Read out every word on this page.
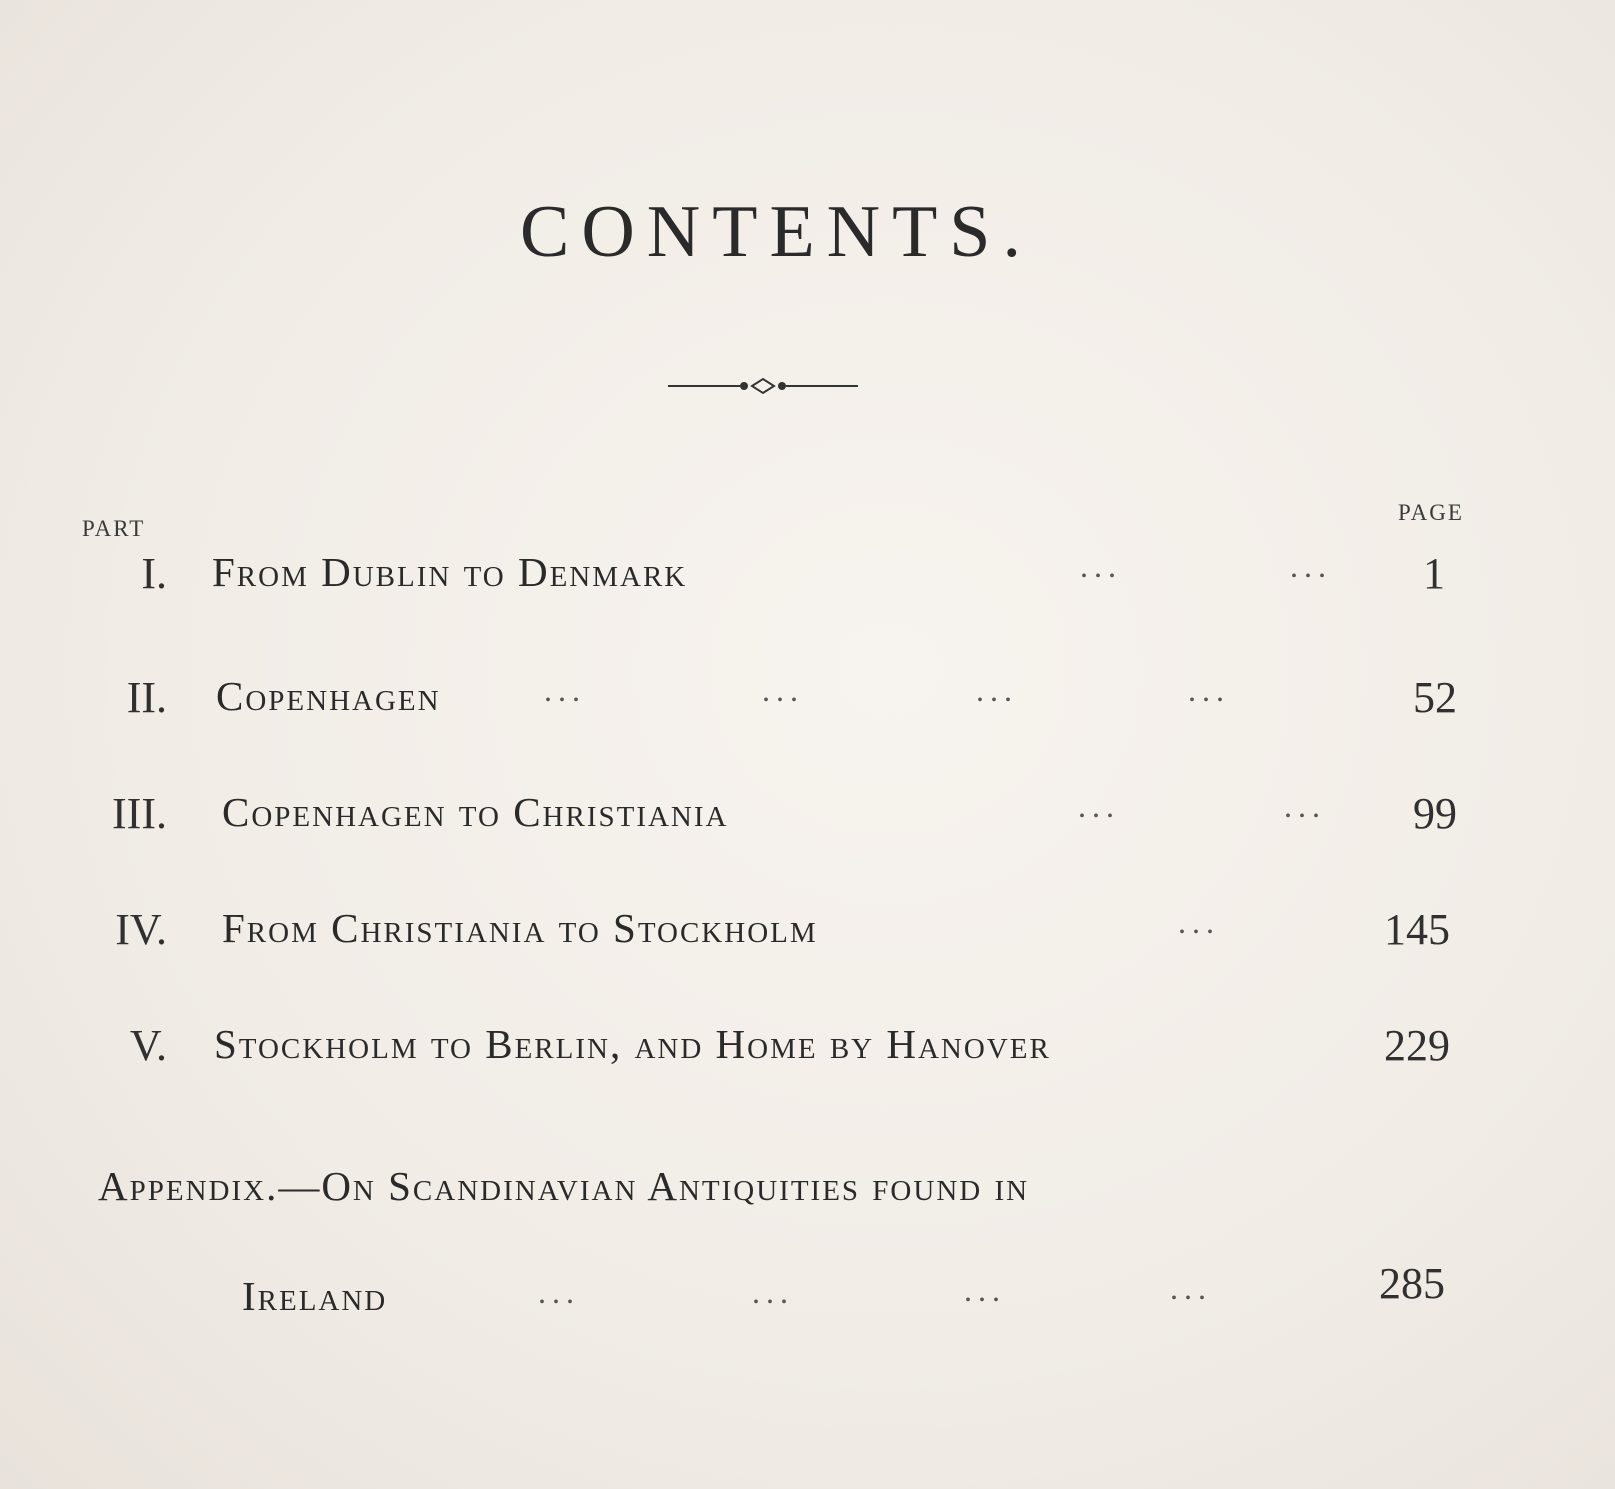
CONTENTS.
PART
PAGE
I. From Dublin to Denmark	...	... 1
II. Copenhagen	...	...	...	...	52
III. Copenhagen to Christiania	...	... 99
IV. From Christiania to Stockholm	...	145
V. Stockholm to Berlin, and Home by Hanover	229
Appendix.—On Scandinavian Antiquities found in
Ireland	...	...	...	...	285
